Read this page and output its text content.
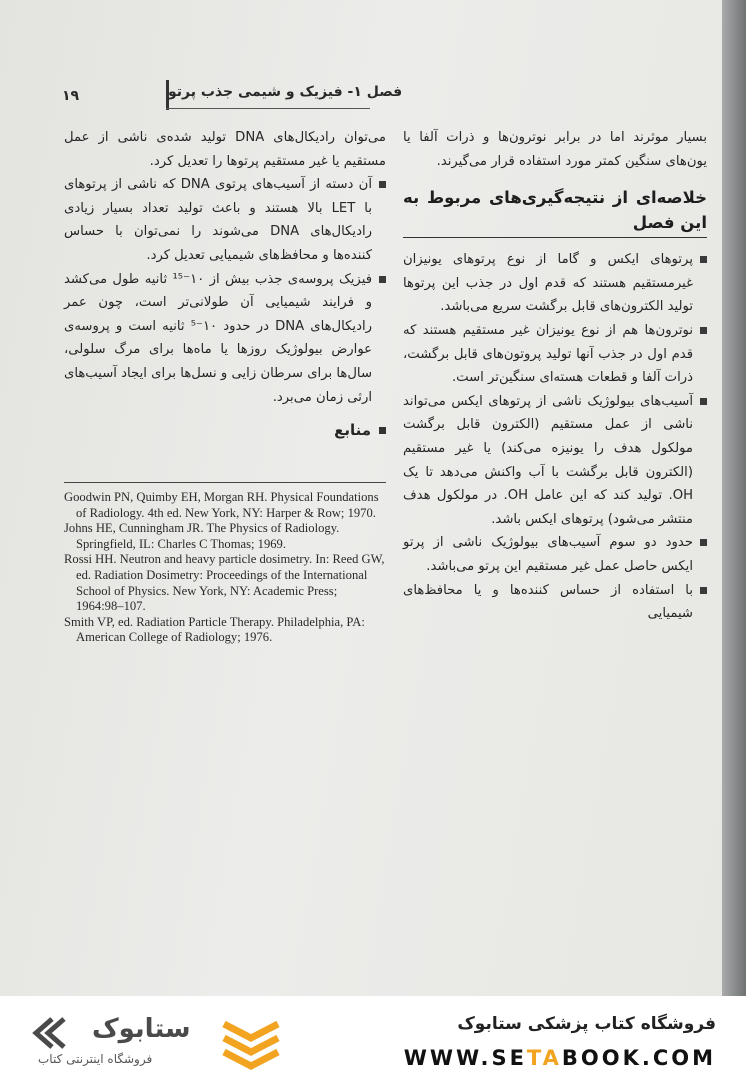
۱۹	فصل ۱- فیزیک و شیمی جذب پرتو

بسیار موثرند اما در برابر نوترون‌ها و ذرات آلفا یا یون‌های سنگین کمتر مورد استفاده قرار می‌گیرند.

خلاصه‌ای از نتیجه‌گیری‌های مربوط به این فصل

پرتوهای ایکس و گاما از نوع پرتوهای یونیزان غیرمستقیم هستند که قدم اول در جذب این پرتوها تولید الکترون‌های قابل برگشت سریع می‌باشد.

نوترون‌ها هم از نوع یونیزان غیر مستقیم هستند که قدم اول در جذب آنها تولید پروتون‌های قابل برگشت، ذرات آلفا و قطعات هسته‌ای سنگین‌تر است.

آسیب‌های بیولوژیک ناشی از پرتوهای ایکس می‌تواند ناشی از عمل مستقیم (الکترون قابل برگشت مولکول هدف را یونیزه می‌کند) یا غیر مستقیم (الکترون قابل برگشت با آب واکنش می‌دهد تا یک OH. تولید کند که این عامل OH. در مولکول هدف منتشر می‌شود) پرتوهای ایکس باشد.

حدود دو سوم آسیب‌های بیولوژیک ناشی از پرتو ایکس حاصل عمل غیر مستقیم این پرتو می‌باشد.

با استفاده از حساس کننده‌ها و یا محافظ‌های شیمیایی

می‌توان رادیکال‌های DNA تولید شده‌ی ناشی از عمل مستقیم یا غیر مستقیم پرتوها را تعدیل کرد.

آن دسته از آسیب‌های پرتوی DNA که ناشی از پرتوهای با LET بالا هستند و باعث تولید تعداد بسیار زیادی رادیکال‌های DNA می‌شوند را نمی‌توان با حساس کننده‌ها و محافظ‌های شیمیایی تعدیل کرد.

فیزیک پروسه‌ی جذب بیش از ۱۰⁻¹⁵ ثانیه طول می‌کشد و فرایند شیمیایی آن طولانی‌تر است، چون عمر رادیکال‌های DNA در حدود ۱۰⁻⁵ ثانیه است و پروسه‌ی عوارض بیولوژیک روزها یا ماه‌ها برای مرگ سلولی، سال‌ها برای سرطان زایی و نسل‌ها برای ایجاد آسیب‌های ارثی زمان می‌برد.

منابع

Goodwin PN, Quimby EH, Morgan RH. Physical Foundations of Radiology. 4th ed. New York, NY: Harper & Row; 1970.

Johns HE, Cunningham JR. The Physics of Radiology. Springfield, IL: Charles C Thomas; 1969.

Rossi HH. Neutron and heavy particle dosimetry. In: Reed GW, ed. Radiation Dosimetry: Proceedings of the International School of Physics. New York, NY: Academic Press; 1964:98–107.

Smith VP, ed. Radiation Particle Therapy. Philadelphia, PA: American College of Radiology; 1976.

ستابوک
فروشگاه اینترنتی کتاب
فروشگاه کتاب پزشکی ستابوک
WWW.SETABOOK.COM
